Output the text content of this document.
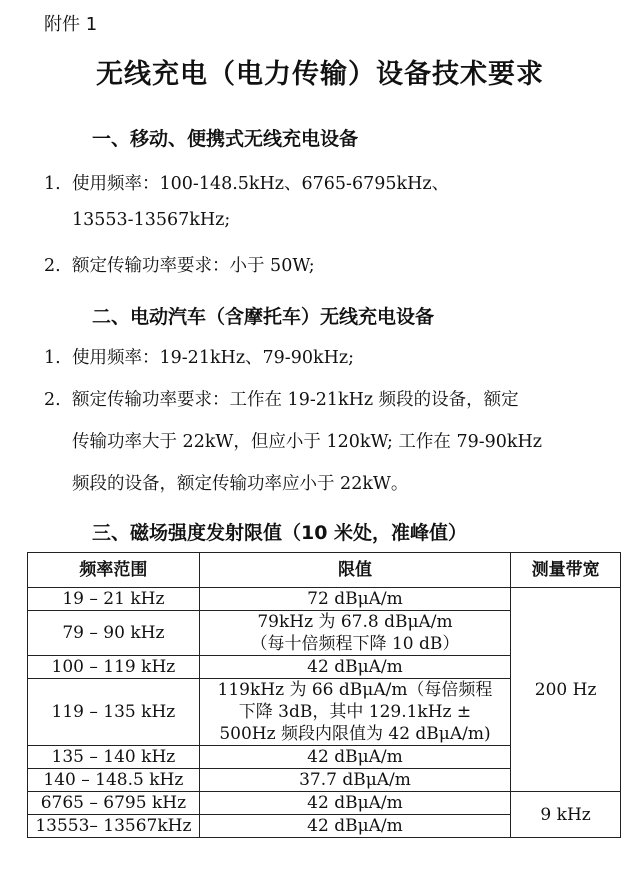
附件 1
无线充电（电力传输）设备技术要求
一、移动、便携式无线充电设备
1. 使用频率：100-148.5kHz、6765-6795kHz、
13553-13567kHz;
2. 额定传输功率要求：小于 50W;
二、电动汽车（含摩托车）无线充电设备
1. 使用频率：19-21kHz、79-90kHz;
2. 额定传输功率要求：工作在 19-21kHz 频段的设备，额定
传输功率大于 22kW，但应小于 120kW; 工作在 79-90kHz
频段的设备，额定传输功率应小于 22kW。
三、磁场强度发射限值（10 米处，准峰值）
频率范围	限值	测量带宽
19 – 21 kHz	72 dBμA/m	200 Hz
79 – 90 kHz	79kHz 为 67.8 dBμA/m
（每十倍频程下降 10 dB）	

100 – 119 kHz	42 dBμA/m	

119 – 135 kHz	119kHz 为 66 dBμA/m（每倍频程
下降 3dB，其中 129.1kHz ±
500Hz 频段内限值为 42 dBμA/m)	

135 – 140 kHz	42 dBμA/m	

140 – 148.5 kHz	37.7 dBμA/m	

6765 – 6795 kHz	42 dBμA/m	9 kHz
13553– 13567kHz	42 dBμA/m	
